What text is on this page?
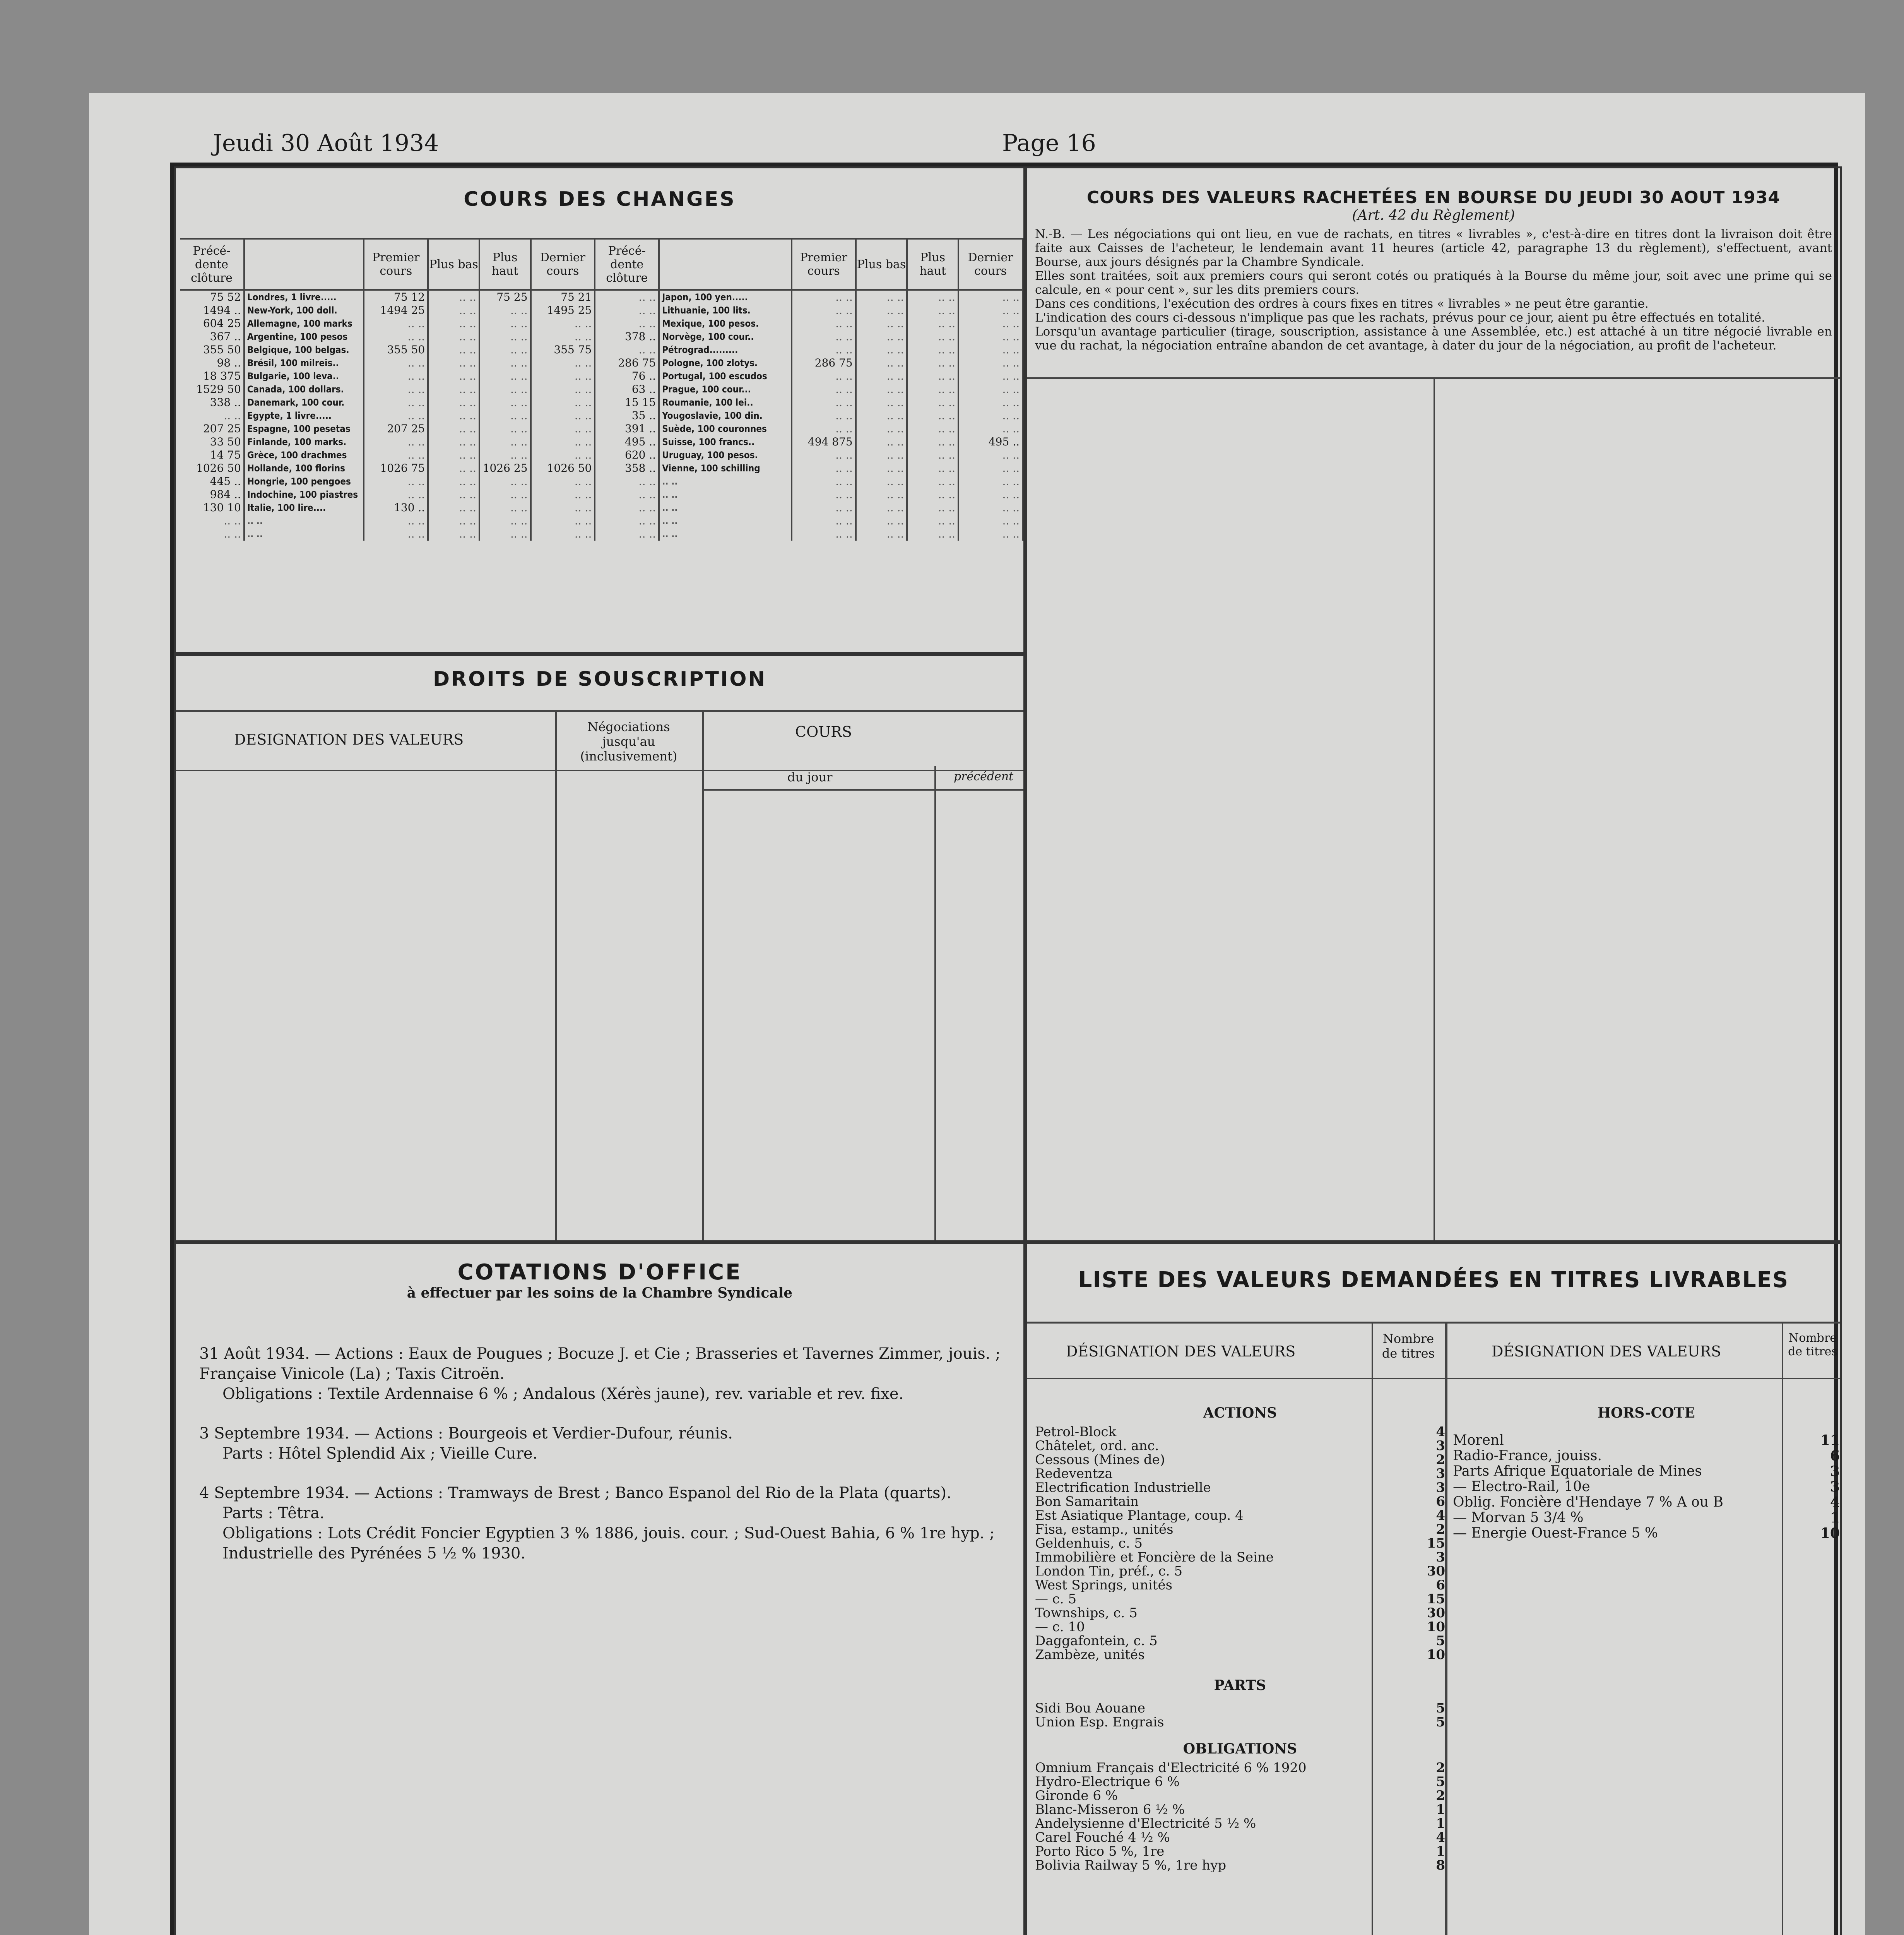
Jeudi 30 Août 1934	Page 16
COURS DES CHANGES
Précé-dente clôture		Premier cours	Plus bas	Plus haut	Dernier cours	Précé-dente clôture		Premier cours	Plus bas	Plus haut	Dernier cours
75 52	Londres, 1 livre.....	75 12	.. ..	75 25	75 21	.. ..	Japon, 100 yen.....	.. ..	.. ..	.. ..	.. ..
1494 ..	New-York, 100 doll.	1494 25	.. ..	.. ..	1495 25	.. ..	Lithuanie, 100 lits.	.. ..	.. ..	.. ..	.. ..
604 25	Allemagne, 100 marks	.. ..	.. ..	.. ..	.. ..	.. ..	Mexique, 100 pesos.	.. ..	.. ..	.. ..	.. ..
367 ..	Argentine, 100 pesos	.. ..	.. ..	.. ..	.. ..	378 ..	Norvège, 100 cour..	.. ..	.. ..	.. ..	.. ..
355 50	Belgique, 100 belgas.	355 50	.. ..	.. ..	355 75	.. ..	Pétrograd.........	.. ..	.. ..	.. ..	.. ..
98 ..	Brésil, 100 milreis..	.. ..	.. ..	.. ..	.. ..	286 75	Pologne, 100 zlotys.	286 75	.. ..	.. ..	.. ..
18 375	Bulgarie, 100 leva..	.. ..	.. ..	.. ..	.. ..	76 ..	Portugal, 100 escudos	.. ..	.. ..	.. ..	.. ..
1529 50	Canada, 100 dollars.	.. ..	.. ..	.. ..	.. ..	63 ..	Prague, 100 cour...	.. ..	.. ..	.. ..	.. ..
338 ..	Danemark, 100 cour.	.. ..	.. ..	.. ..	.. ..	15 15	Roumanie, 100 lei..	.. ..	.. ..	.. ..	.. ..
.. ..	Egypte, 1 livre.....	.. ..	.. ..	.. ..	.. ..	35 ..	Yougoslavie, 100 din.	.. ..	.. ..	.. ..	.. ..
207 25	Espagne, 100 pesetas	207 25	.. ..	.. ..	.. ..	391 ..	Suède, 100 couronnes	.. ..	.. ..	.. ..	.. ..
33 50	Finlande, 100 marks.	.. ..	.. ..	.. ..	.. ..	495 ..	Suisse, 100 francs..	494 875	.. ..	.. ..	495 ..
14 75	Grèce, 100 drachmes	.. ..	.. ..	.. ..	.. ..	620 ..	Uruguay, 100 pesos.	.. ..	.. ..	.. ..	.. ..
1026 50	Hollande, 100 florins	1026 75	.. ..	1026 25	1026 50	358 ..	Vienne, 100 schilling	.. ..	.. ..	.. ..	.. ..
445 ..	Hongrie, 100 pengoes	.. ..	.. ..	.. ..	.. ..	.. ..	.. ..	.. ..	.. ..	.. ..	.. ..
984 ..	Indochine, 100 piastres	.. ..	.. ..	.. ..	.. ..	.. ..	.. ..	.. ..	.. ..	.. ..	.. ..
130 10	Italie, 100 lire....	130 ..	.. ..	.. ..	.. ..	.. ..	.. ..	.. ..	.. ..	.. ..	.. ..
.. ..	.. ..	.. ..	.. ..	.. ..	.. ..	.. ..	.. ..	.. ..	.. ..	.. ..	.. ..
.. ..	.. ..	.. ..	.. ..	.. ..	.. ..	.. ..	.. ..	.. ..	.. ..	.. ..	.. ..
DROITS DE SOUSCRIPTION
DESIGNATION DES VALEURS
Négociations jusqu'au (inclusivement)
COURS
du jour	précédent
COURS DES VALEURS RACHETÉES EN BOURSE DU JEUDI 30 AOUT 1934
(Art. 42 du Règlement)
N.-B. — Les négociations qui ont lieu, en vue de rachats, en titres « livrables », c'est-à-dire en titres dont la livraison doit être faite aux Caisses de l'acheteur, le lendemain avant 11 heures (article 42, paragraphe 13 du règlement), s'effectuent, avant Bourse, aux jours désignés par la Chambre Syndicale.
Elles sont traitées, soit aux premiers cours qui seront cotés ou pratiqués à la Bourse du même jour, soit avec une prime qui se calcule, en « pour cent », sur les dits premiers cours.
Dans ces conditions, l'exécution des ordres à cours fixes en titres « livrables » ne peut être garantie.
L'indication des cours ci-dessous n'implique pas que les rachats, prévus pour ce jour, aient pu être effectués en totalité.
Lorsqu'un avantage particulier (tirage, souscription, assistance à une Assemblée, etc.) est attaché à un titre négocié livrable en vue du rachat, la négociation entraîne abandon de cet avantage, à dater du jour de la négociation, au profit de l'acheteur.
COTATIONS D'OFFICE
à effectuer par les soins de la Chambre Syndicale
31 Août 1934. — Actions : Eaux de Pougues ; Bocuze J. et Cie ; Brasseries et Tavernes Zimmer, jouis. ; Française Vinicole (La) ; Taxis Citroën.
Obligations : Textile Ardennaise 6 % ; Andalous (Xérès jaune), rev. variable et rev. fixe.
3 Septembre 1934. — Actions : Bourgeois et Verdier-Dufour, réunis.
Parts : Hôtel Splendid Aix ; Vieille Cure.
4 Septembre 1934. — Actions : Tramways de Brest ; Banco Espanol del Rio de la Plata (quarts).
Parts : Têtra.
Obligations : Lots Crédit Foncier Egyptien 3 % 1886, jouis. cour. ; Sud-Ouest Bahia, 6 % 1re hyp. ; Industrielle des Pyrénées 5 ½ % 1930.
LISTE DES VALEURS DEMANDÉES EN TITRES LIVRABLES
DÉSIGNATION DES VALEURS
Nombre de titres	DÉSIGNATION DES VALEURS
Nombre de titres
ACTIONS
Petrol-Block	4
Châtelet, ord. anc.	3
Cessous (Mines de)	2
Redeventza	3
Electrification Industrielle	3
Bon Samaritain	6
Est Asiatique Plantage, coup. 4	4
Fisa, estamp., unités	2
Geldenhuis, c. 5	15
Immobilière et Foncière de la Seine	3
London Tin, préf., c. 5	30
West Springs, unités	6
— c. 5	15
Townships, c. 5	30
— c. 10	10
Daggafontein, c. 5	5
Zambèze, unités	10
PARTS
Sidi Bou Aouane	5
Union Esp. Engrais	5
OBLIGATIONS
Omnium Français d'Electricité 6 % 1920	2
Hydro-Electrique 6 %	5
Gironde 6 %	2
Blanc-Misseron 6 ½ %	1
Andelysienne d'Electricité 5 ½ %	1
Carel Fouché 4 ½ %	4
Porto Rico 5 %, 1re	1
Bolivia Railway 5 %, 1re hyp	8
HORS-COTE
Morenl	11
Radio-France, jouiss.	6
Parts Afrique Equatoriale de Mines	3
— Electro-Rail, 10e	3
Oblig. Foncière d'Hendaye 7 % A ou B	4
— Morvan 5 3/4 %	1
— Energie Ouest-France 5 %	10
